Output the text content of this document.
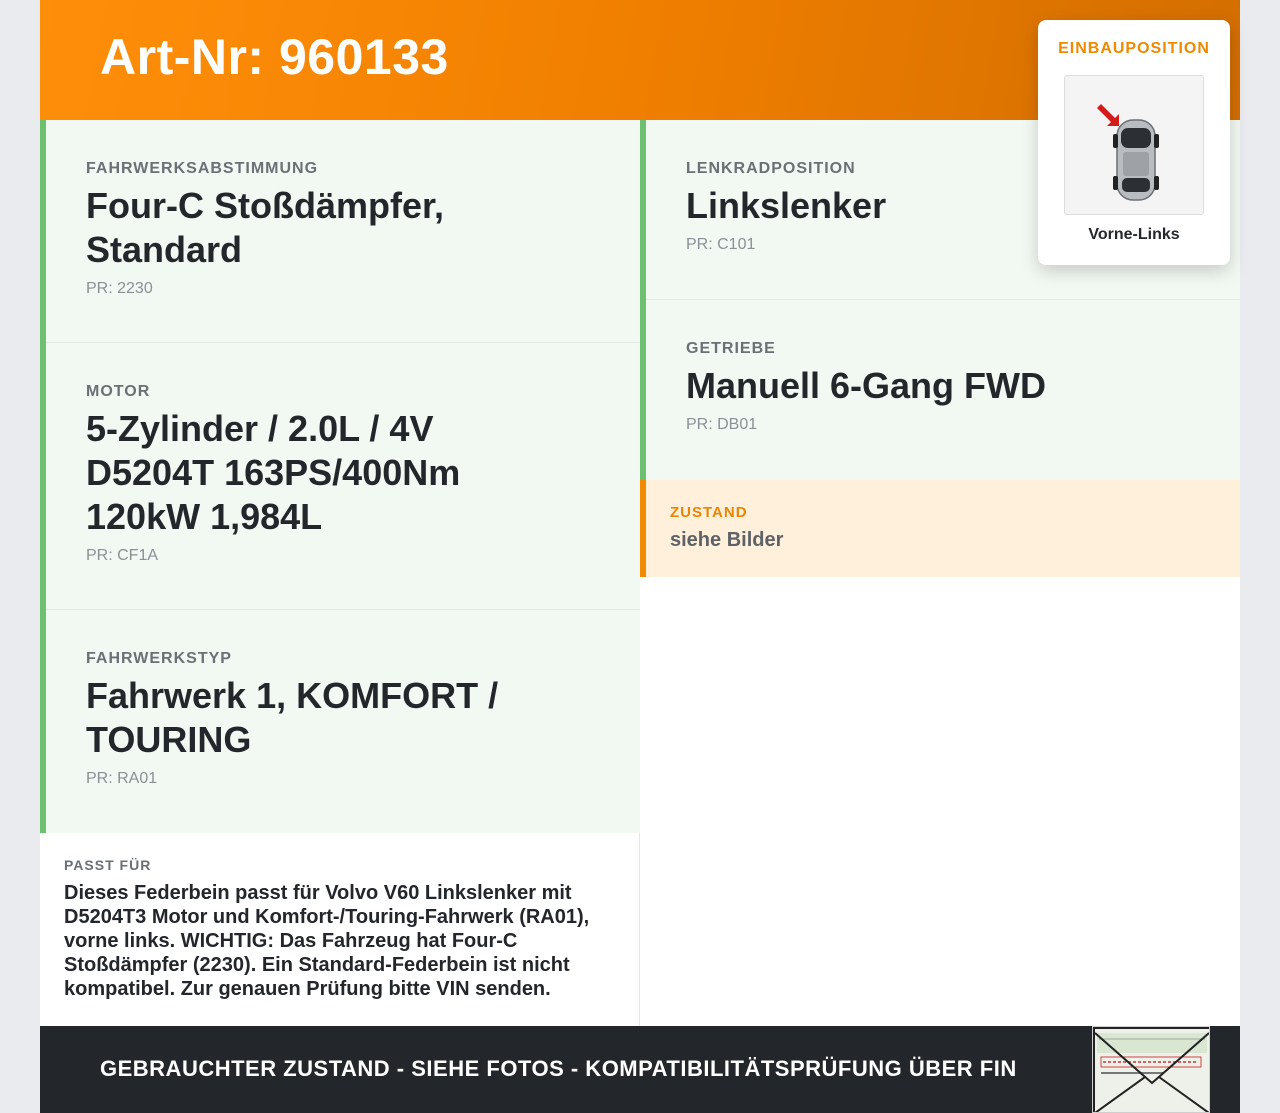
Art-Nr: 960133
FAHRWERKSABSTIMMUNG
Four-C Stoßdämpfer, Standard
PR: 2230
MOTOR
5-Zylinder / 2.0L / 4V D5204T 163PS/400Nm 120kW 1,984L
PR: CF1A
FAHRWERKSTYP
Fahrwerk 1, KOMFORT / TOURING
PR: RA01
LENKRADPOSITION
Linkslenker
PR: C101
GETRIEBE
Manuell 6-Gang FWD
PR: DB01
ZUSTAND
siehe Bilder
PASST FÜR
Dieses Federbein passt für Volvo V60 Linkslenker mit D5204T3 Motor und Komfort-/Touring-Fahrwerk (RA01), vorne links. WICHTIG: Das Fahrzeug hat Four-C Stoßdämpfer (2230). Ein Standard-Federbein ist nicht kompatibel. Zur genauen Prüfung bitte VIN senden.
GEBRAUCHTER ZUSTAND - SIEHE FOTOS - KOMPATIBILITÄTSPRÜFUNG ÜBER FIN
EINBAUPOSITION
Vorne-Links
